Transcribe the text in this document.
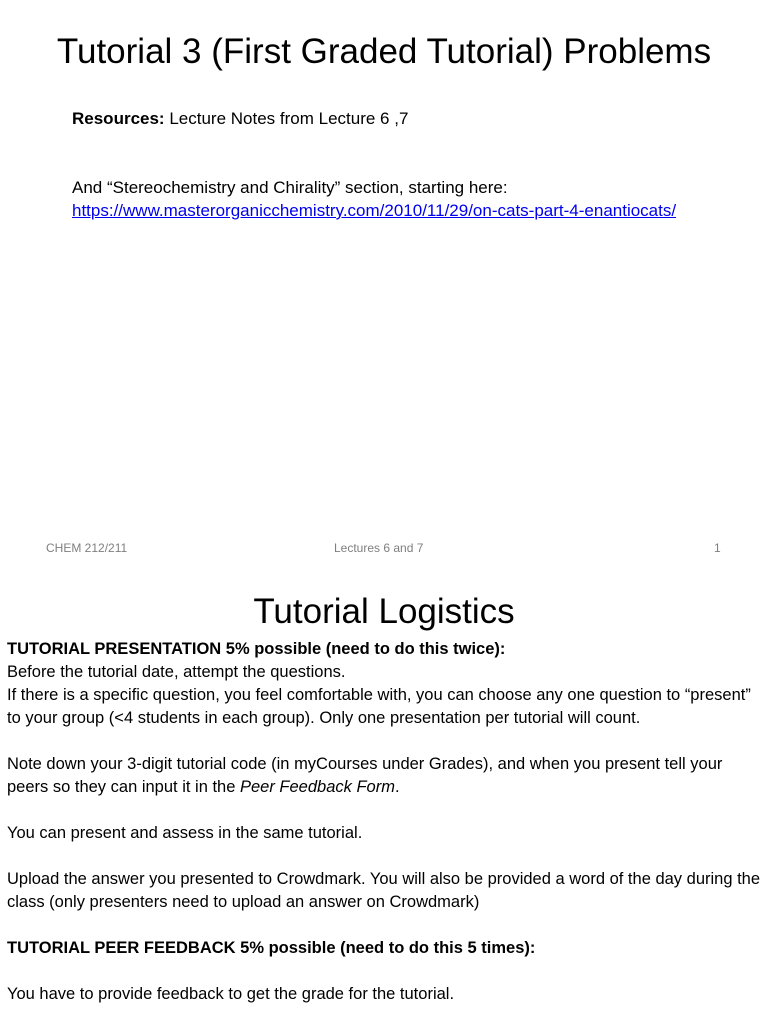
Tutorial 3 (First Graded Tutorial) Problems
Resources: Lecture Notes from Lecture 6 ,7
And “Stereochemistry and Chirality” section, starting here:
https://www.masterorganicchemistry.com/2010/11/29/on-cats-part-4-enantiocats/
CHEM 212/211	Lectures 6 and 7	1
Tutorial Logistics

TUTORIAL PRESENTATION 5% possible (need to do this twice):

Before the tutorial date, attempt the questions.

If there is a specific question, you feel comfortable with, you can choose any one question to “present” to your group (<4 students in each group). Only one presentation per tutorial will count.

Note down your 3-digit tutorial code (in myCourses under Grades), and when you present tell your peers so they can input it in the Peer Feedback Form.

You can present and assess in the same tutorial.

Upload the answer you presented to Crowdmark. You will also be provided a word of the day during the class (only presenters need to upload an answer on Crowdmark)

TUTORIAL PEER FEEDBACK 5% possible (need to do this 5 times):

You have to provide feedback to get the grade for the tutorial.
